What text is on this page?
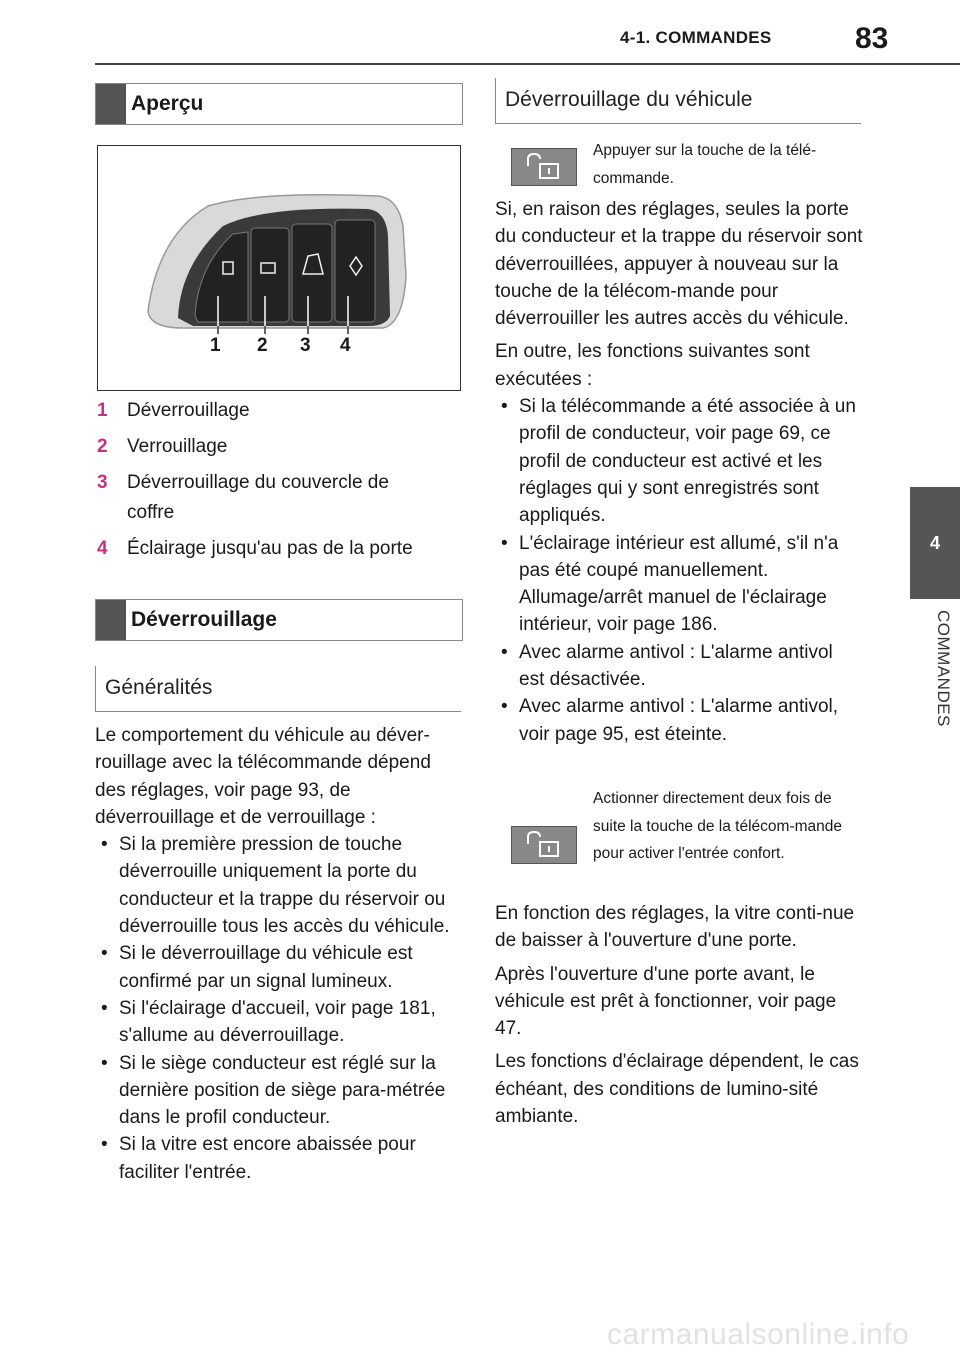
4-1. COMMANDES	83
4
COMMANDES
Aperçu
1 2 3 4
1	Déverrouillage
2	Verrouillage
3	Déverrouillage du couvercle de coffre
4	Éclairage jusqu'au pas de la porte
Déverrouillage
Généralités

Le comportement du véhicule au déver-rouillage avec la télécommande dépend des réglages, voir page 93, de déverrouillage et de verrouillage :

• Si la première pression de touche déverrouille uniquement la porte du conducteur et la trappe du réservoir ou déverrouille tous les accès du véhicule.
• Si le déverrouillage du véhicule est confirmé par un signal lumineux.
• Si l'éclairage d'accueil, voir page 181, s'allume au déverrouillage.
• Si le siège conducteur est réglé sur la dernière position de siège para-métrée dans le profil conducteur.
• Si la vitre est encore abaissée pour faciliter l'entrée.
Déverrouillage du véhicule
Appuyer sur la touche de la télé-commande.

Si, en raison des réglages, seules la porte du conducteur et la trappe du réservoir sont déverrouillées, appuyer à nouveau sur la touche de la télécom-mande pour déverrouiller les autres accès du véhicule.

En outre, les fonctions suivantes sont exécutées :

• Si la télécommande a été associée à un profil de conducteur, voir page 69, ce profil de conducteur est activé et les réglages qui y sont enregistrés sont appliqués.
• L'éclairage intérieur est allumé, s'il n'a pas été coupé manuellement. Allumage/arrêt manuel de l'éclairage intérieur, voir page 186.
• Avec alarme antivol : L'alarme antivol est désactivée.
• Avec alarme antivol : L'alarme antivol, voir page 95, est éteinte.
Actionner directement deux fois de suite la touche de la télécom-mande pour activer l'entrée confort.

En fonction des réglages, la vitre conti-nue de baisser à l'ouverture d'une porte.

Après l'ouverture d'une porte avant, le véhicule est prêt à fonctionner, voir page 47.

Les fonctions d'éclairage dépendent, le cas échéant, des conditions de lumino-sité ambiante.

carmanualsonline.info
